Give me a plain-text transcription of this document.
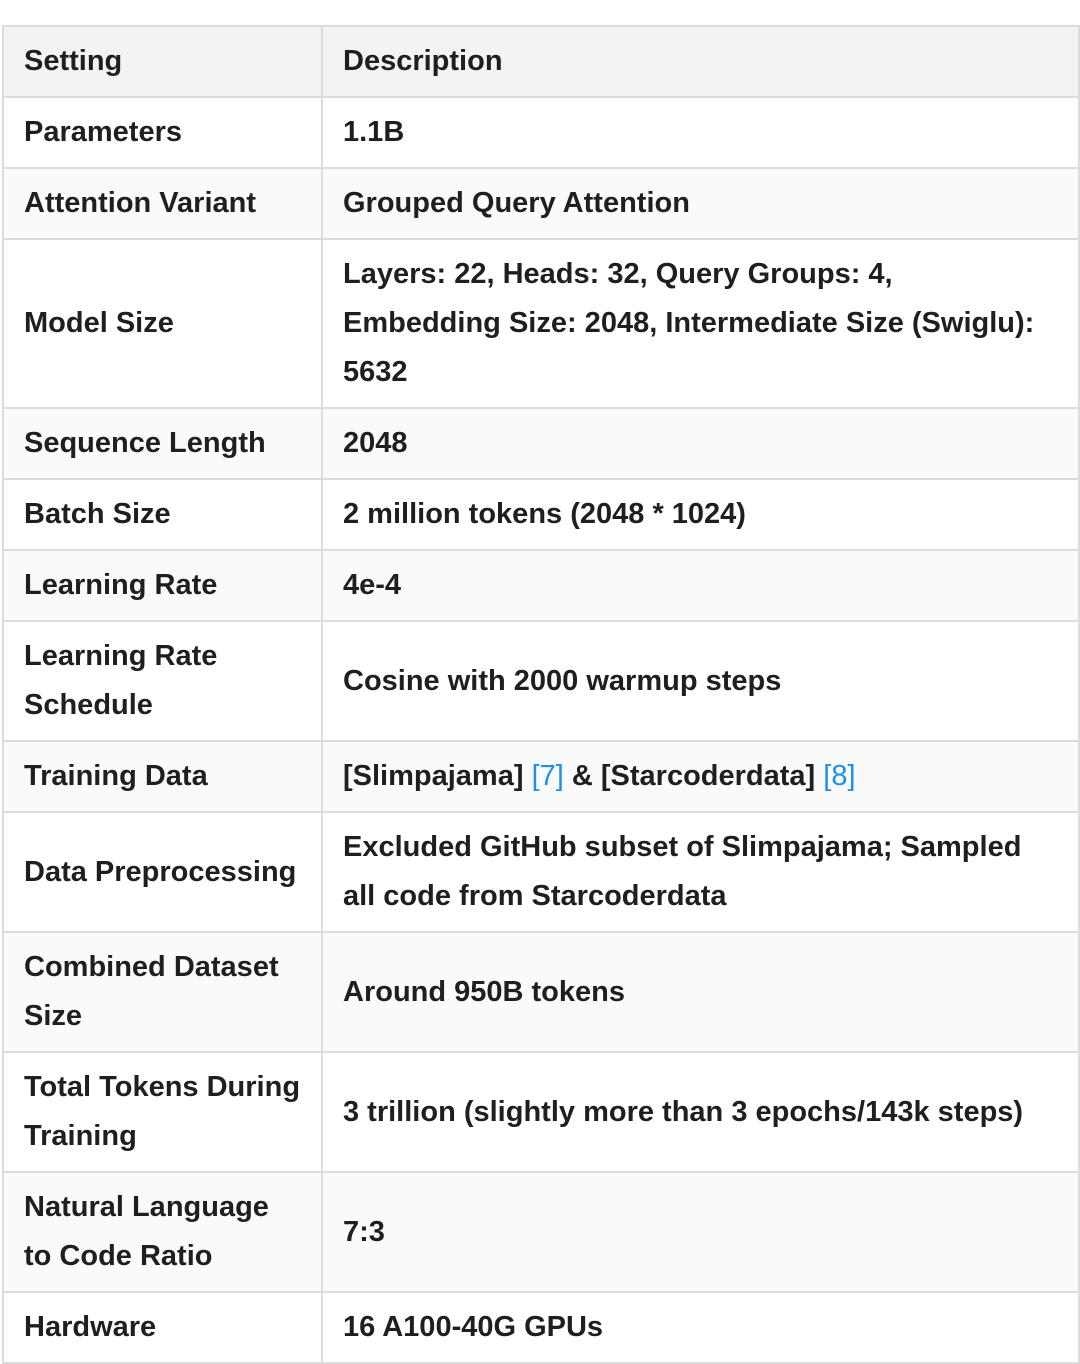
Setting	Description
Parameters	1.1B
Attention Variant	Grouped Query Attention
Model Size	Layers: 22, Heads: 32, Query Groups: 4, Embedding Size: 2048, Intermediate Size (Swiglu): 5632
Sequence Length	2048
Batch Size	2 million tokens (2048 * 1024)
Learning Rate	4e-4
Learning Rate Schedule	Cosine with 2000 warmup steps
Training Data	[Slimpajama] [7] & [Starcoderdata] [8]
Data Preprocessing	Excluded GitHub subset of Slimpajama; Sampled all code from Starcoderdata
Combined Dataset Size	Around 950B tokens
Total Tokens During Training	3 trillion (slightly more than 3 epochs/143k steps)
Natural Language to Code Ratio	7:3
Hardware	16 A100-40G GPUs
